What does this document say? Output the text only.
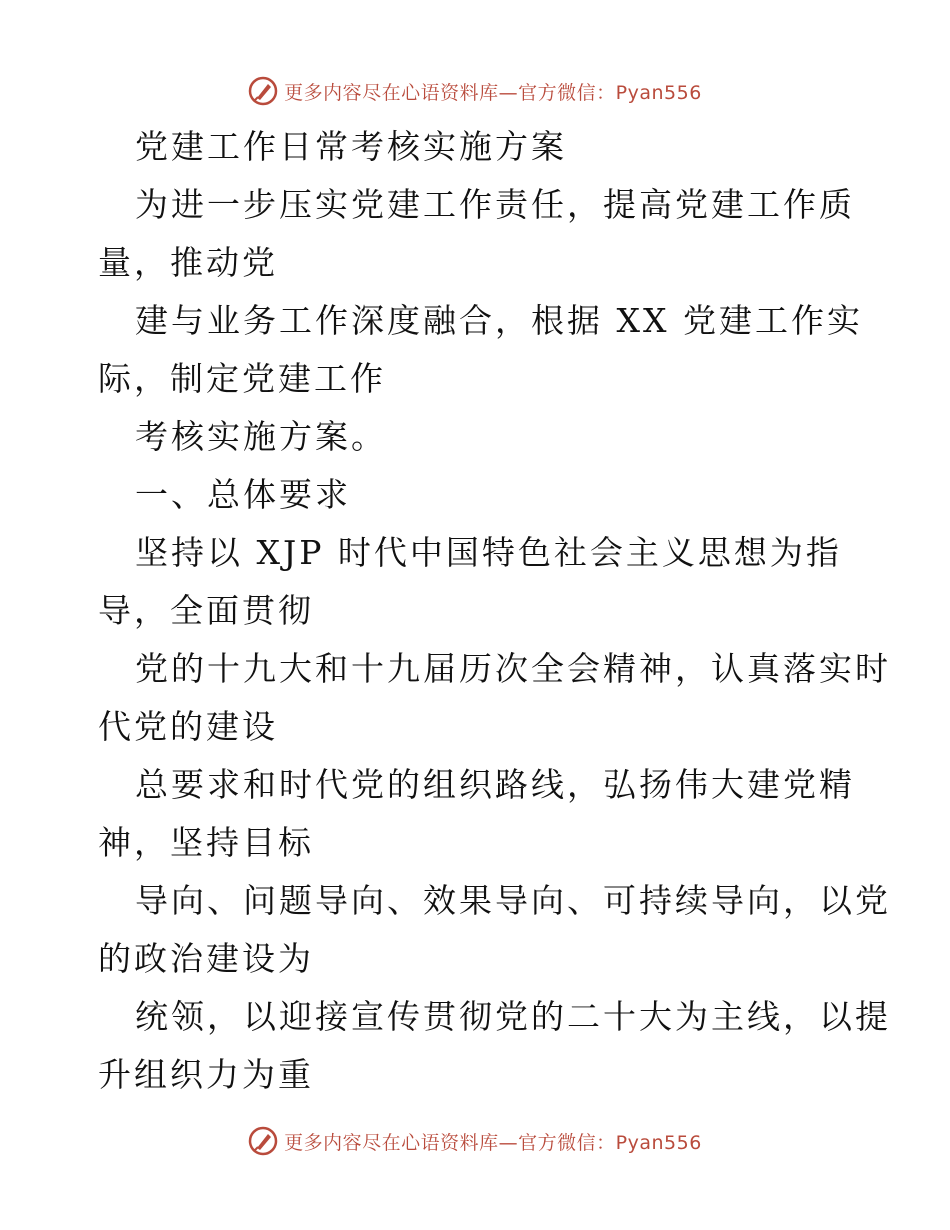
更多内容尽在心语资料库—官方微信：Pyan556
党建工作日常考核实施方案
为进一步压实党建工作责任，提高党建工作质
量，推动党
建与业务工作深度融合，根据 XX 党建工作实
际，制定党建工作
考核实施方案。
一、总体要求
坚持以 XJP 时代中国特色社会主义思想为指
导，全面贯彻
党的十九大和十九届历次全会精神，认真落实时
代党的建设
总要求和时代党的组织路线，弘扬伟大建党精
神，坚持目标
导向、问题导向、效果导向、可持续导向，以党
的政治建设为
统领，以迎接宣传贯彻党的二十大为主线，以提
升组织力为重
更多内容尽在心语资料库—官方微信：Pyan556
